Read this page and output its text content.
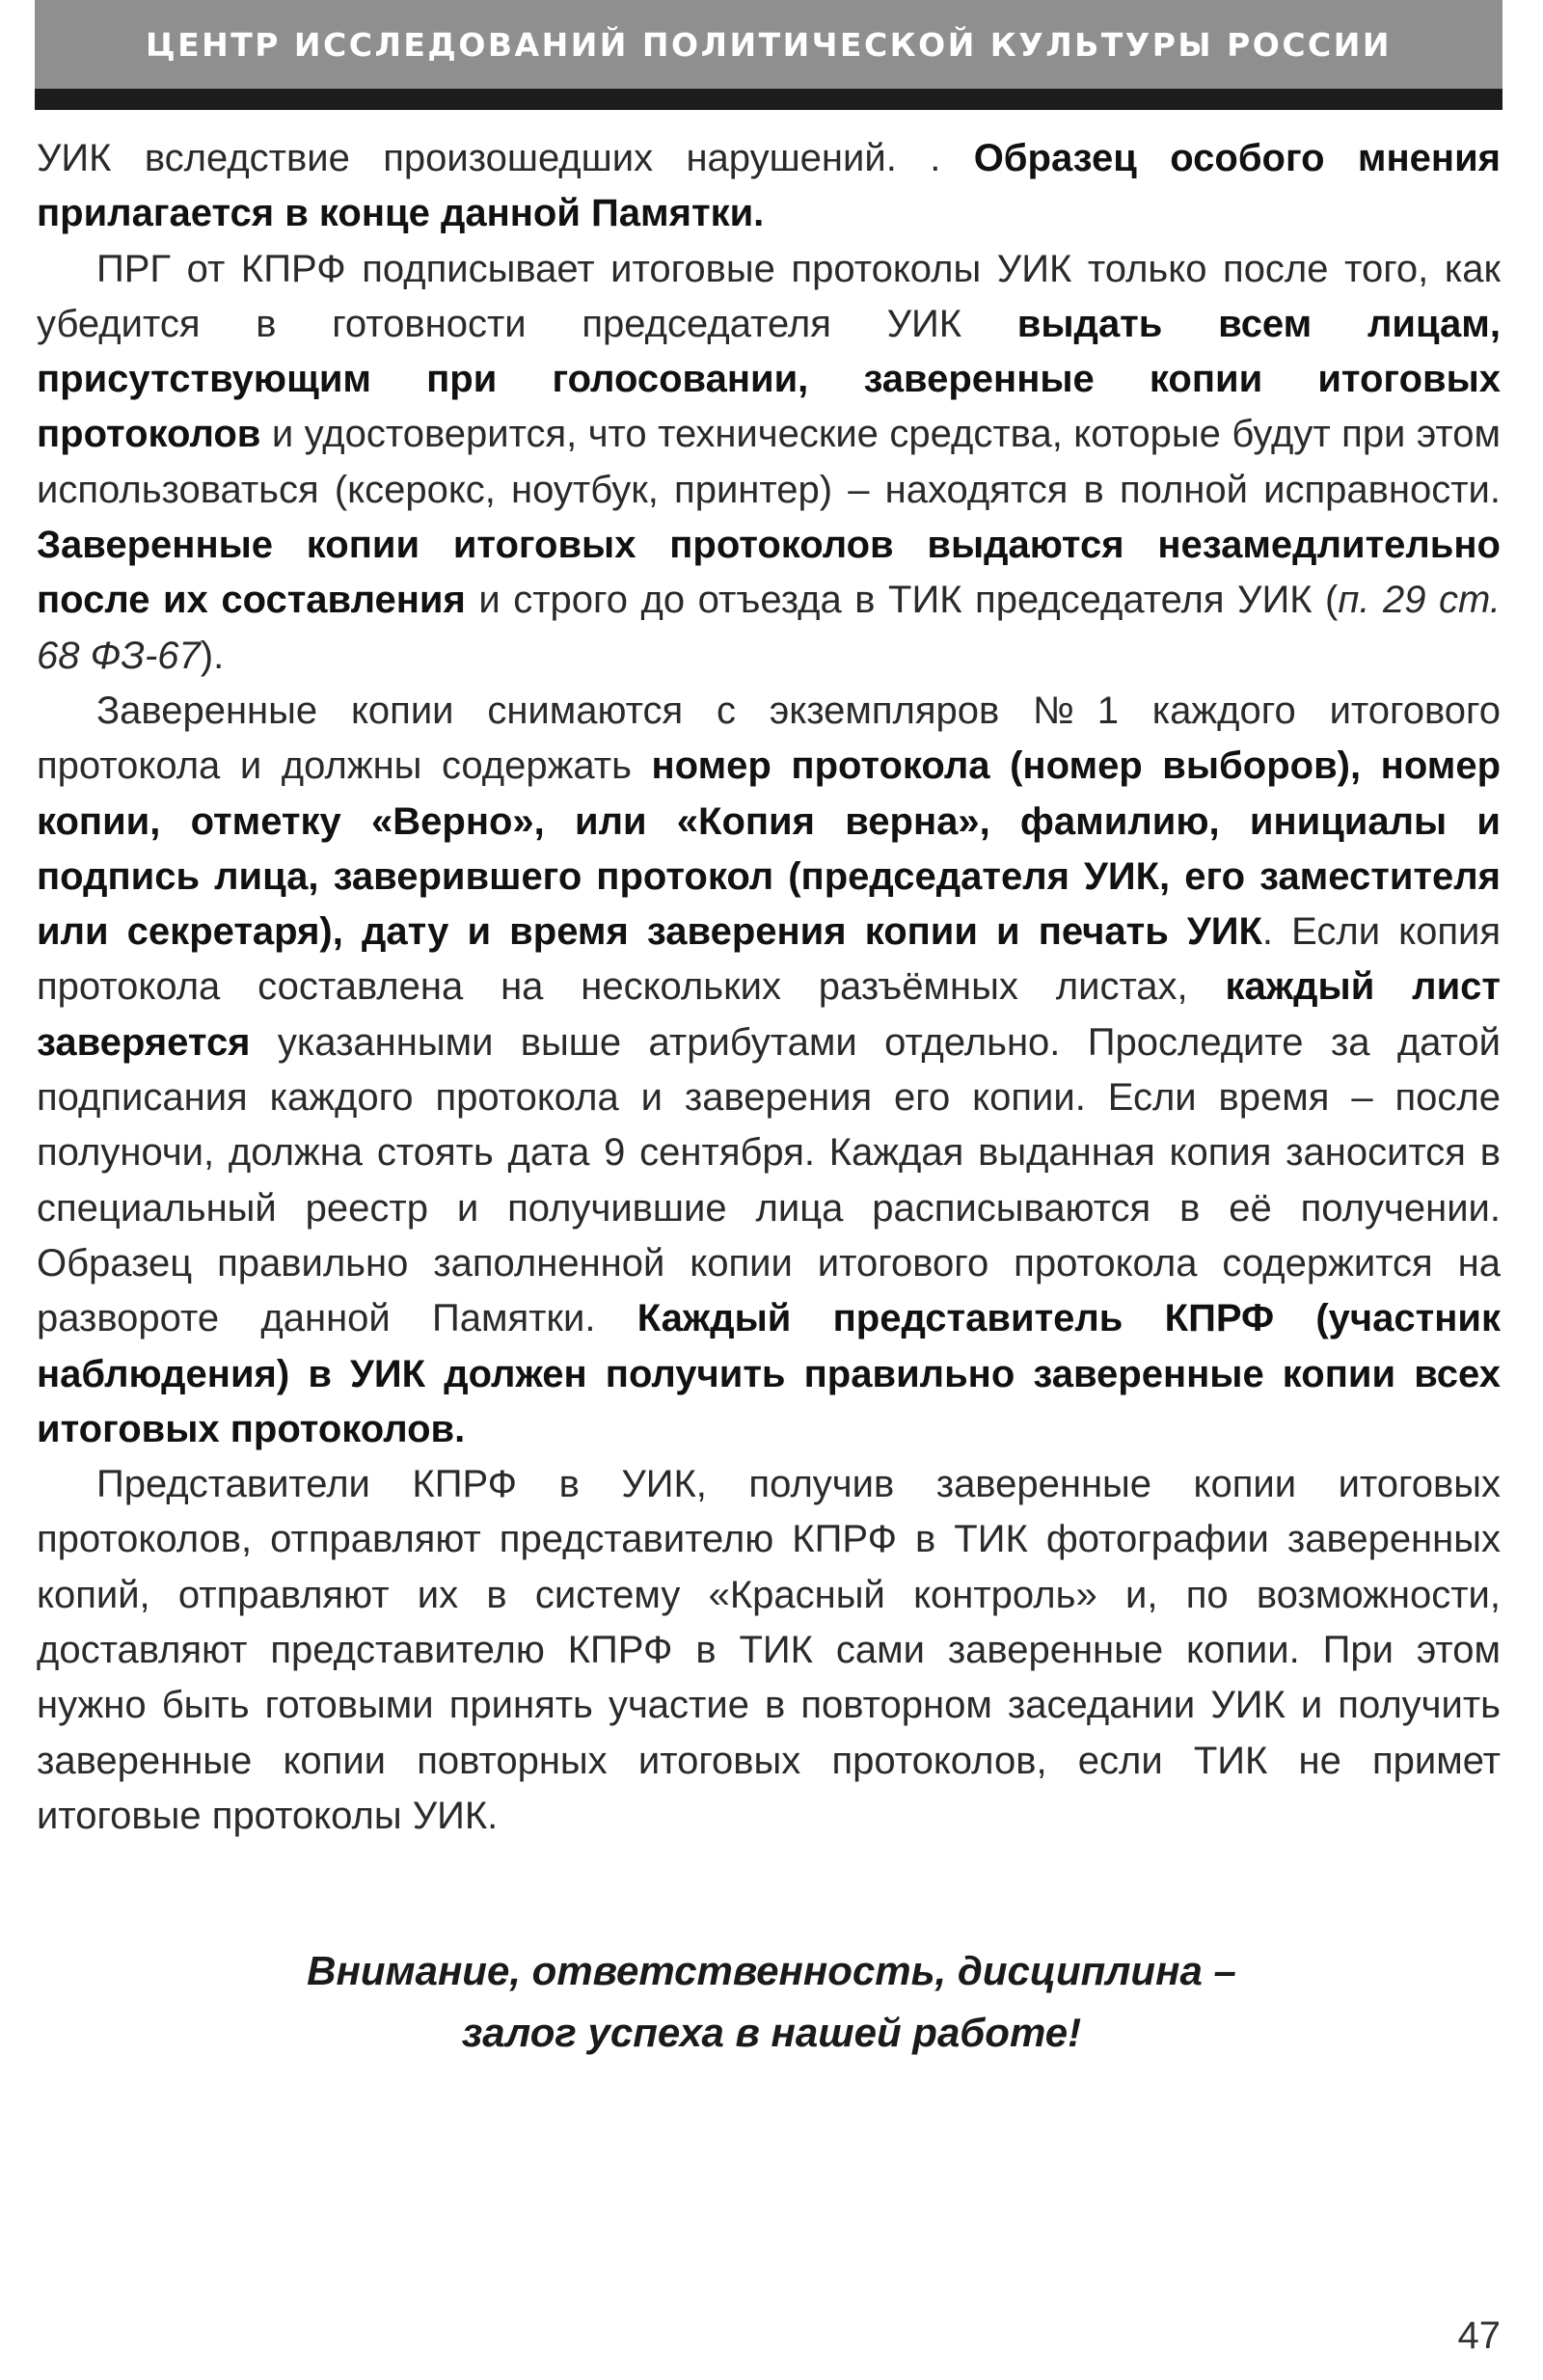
ЦЕНТР ИССЛЕДОВАНИЙ ПОЛИТИЧЕСКОЙ КУЛЬТУРЫ РОССИИ

УИК вследствие произошедших нарушений. . Образец особого мнения прилагается в конце данной Памятки.

ПРГ от КПРФ подписывает итоговые протоколы УИК только после того, как убедится в готовности председателя УИК выдать всем лицам, присутствующим при голосовании, заверенные копии итоговых протоколов и удостоверится, что технические средства, которые будут при этом использоваться (ксерокс, ноутбук, принтер) – находятся в полной исправности. Заверенные копии итоговых протоколов выдаются незамедлительно после их составления и строго до отъезда в ТИК председателя УИК (п. 29 ст. 68 ФЗ-67).

Заверенные копии снимаются с экземпляров №1 каждого итогового протокола и должны содержать номер протокола (номер выборов), номер копии, отметку «Верно», или «Копия верна», фамилию, инициалы и подпись лица, заверившего протокол (председателя УИК, его заместителя или секретаря), дату и время заверения копии и печать УИК. Если копия протокола составлена на нескольких разъёмных листах, каждый лист заверяется указанными выше атрибутами отдельно. Проследите за датой подписания каждого протокола и заверения его копии. Если время – после полуночи, должна стоять дата 9 сентября. Каждая выданная копия заносится в специальный реестр и получившие лица расписываются в её получении. Образец правильно заполненной копии итогового протокола содержится на развороте данной Памятки. Каждый представитель КПРФ (участник наблюдения) в УИК должен получить правильно заверенные копии всех итоговых протоколов.

Представители КПРФ в УИК, получив заверенные копии итоговых протоколов, отправляют представителю КПРФ в ТИК фотографии заверенных копий, отправляют их в систему «Красный контроль» и, по возможности, доставляют представителю КПРФ в ТИК сами заверенные копии. При этом нужно быть готовыми принять участие в повторном заседании УИК и получить заверенные копии повторных итоговых протоколов, если ТИК не примет итоговые протоколы УИК.

Внимание, ответственность, дисциплина –
залог успеха в нашей работе!
47
